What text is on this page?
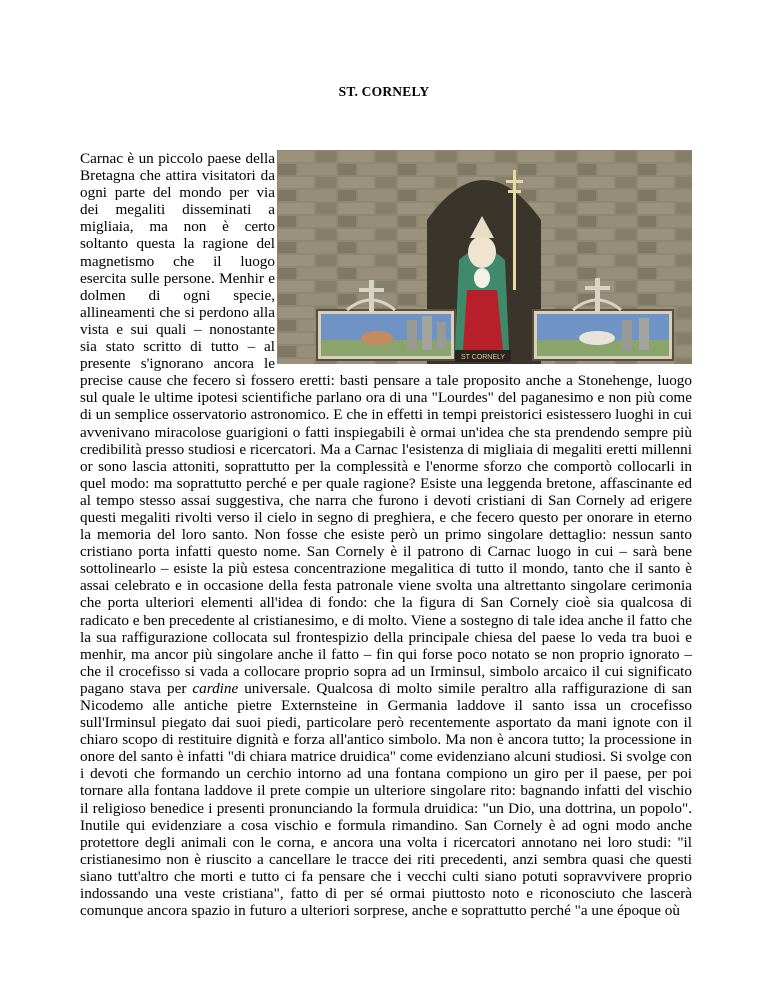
ST. CORNELY
ST CORNELY
Carnac è un piccolo paese della Bretagna che attira visitatori da ogni parte del mondo per via dei megaliti disseminati a migliaia, ma non è certo soltanto questa la ragione del magnetismo che il luogo esercita sulle persone. Menhir e dolmen di ogni specie, allineamenti che si perdono alla vista e sui quali – nonostante sia stato scritto di tutto – al presente s'ignorano ancora le precise cause che fecero sì fossero eretti: basti pensare a tale proposito anche a Stonehenge, luogo sul quale le ultime ipotesi scientifiche parlano ora di una "Lourdes" del paganesimo e non più come di un semplice osservatorio astronomico. E che in effetti in tempi preistorici esistessero luoghi in cui avvenivano miracolose guarigioni o fatti inspiegabili è ormai un'idea che sta prendendo sempre più credibilità presso studiosi e ricercatori. Ma a Carnac l'esistenza di migliaia di megaliti eretti millenni or sono lascia attoniti, soprattutto per la complessità e l'enorme sforzo che comportò collocarli in quel modo: ma soprattutto perché e per quale ragione? Esiste una leggenda bretone, affascinante ed al tempo stesso assai suggestiva, che narra che furono i devoti cristiani di San Cornely ad erigere questi megaliti rivolti verso il cielo in segno di preghiera, e che fecero questo per onorare in eterno la memoria del loro santo. Non fosse che esiste però un primo singolare dettaglio: nessun santo cristiano porta infatti questo nome. San Cornely è il patrono di Carnac luogo in cui – sarà bene sottolinearlo – esiste la più estesa concentrazione megalitica di tutto il mondo, tanto che il santo è assai celebrato e in occasione della festa patronale viene svolta una altrettanto singolare cerimonia che porta ulteriori elementi all'idea di fondo: che la figura di San Cornely cioè sia qualcosa di radicato e ben precedente al cristianesimo, e di molto. Viene a sostegno di tale idea anche il fatto che la sua raffigurazione collocata sul frontespizio della principale chiesa del paese lo veda tra buoi e menhir, ma ancor più singolare anche il fatto – fin qui forse poco notato se non proprio ignorato – che il crocefisso si vada a collocare proprio sopra ad un Irminsul, simbolo arcaico il cui significato pagano stava per cardine universale. Qualcosa di molto simile peraltro alla raffigurazione di san Nicodemo alle antiche pietre Externsteine in Germania laddove il santo issa un crocefisso sull'Irminsul piegato dai suoi piedi, particolare però recentemente asportato da mani ignote con il chiaro scopo di restituire dignità e forza all'antico simbolo. Ma non è ancora tutto; la processione in onore del santo è infatti "di chiara matrice druidica" come evidenziano alcuni studiosi. Si svolge con i devoti che formando un cerchio intorno ad una fontana compiono un giro per il paese, per poi tornare alla fontana laddove il prete compie un ulteriore singolare rito: bagnando infatti del vischio il religioso benedice i presenti pronunciando la formula druidica: "un Dio, una dottrina, un popolo". Inutile qui evidenziare a cosa vischio e formula rimandino. San Cornely è ad ogni modo anche protettore degli animali con le corna, e ancora una volta i ricercatori annotano nei loro studi: "il cristianesimo non è riuscito a cancellare le tracce dei riti precedenti, anzi sembra quasi che questi siano tutt'altro che morti e tutto ci fa pensare che i vecchi culti siano potuti sopravvivere proprio indossando una veste cristiana", fatto di per sé ormai piuttosto noto e riconosciuto che lascerà comunque ancora spazio in futuro a ulteriori sorprese, anche e soprattutto perché "a une époque où
